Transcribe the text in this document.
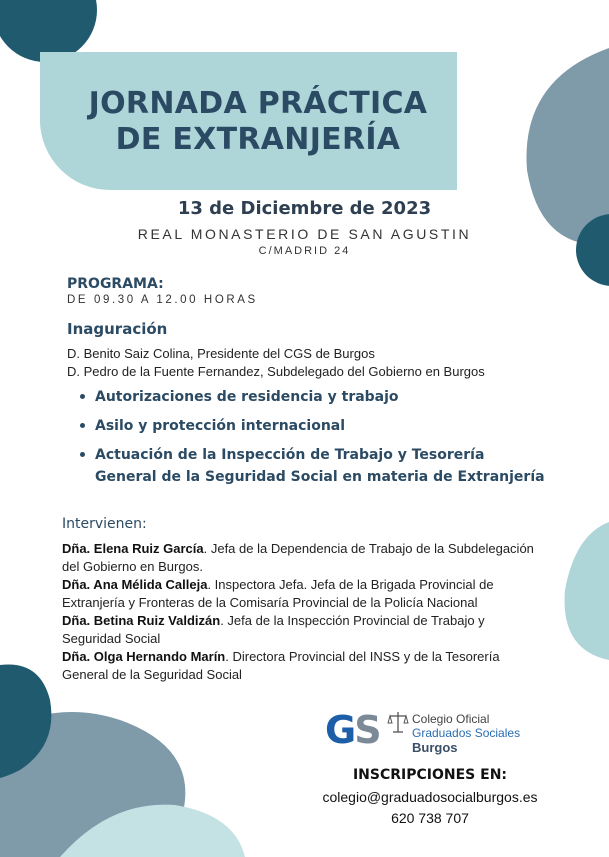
JORNADA PRÁCTICA
DE EXTRANJERÍA
13 de Diciembre de 2023
REAL MONASTERIO DE SAN AGUSTIN
C/MADRID 24
PROGRAMA:
DE 09.30 A 12.00 HORAS
Inaguración
D. Benito Saiz Colina, Presidente del CGS de Burgos
D. Pedro de la Fuente Fernandez, Subdelegado del Gobierno en Burgos
Autorizaciones de residencia y trabajo
Asilo y protección internacional
Actuación de la Inspección de Trabajo y Tesorería General de la Seguridad Social en materia de Extranjería
Intervienen:
Dña. Elena Ruiz García. Jefa de la Dependencia de Trabajo de la Subdelegación del Gobierno en Burgos.
Dña. Ana Mélida Calleja. Inspectora Jefa. Jefa de la Brigada Provincial de Extranjería y Fronteras de la Comisaría Provincial de la Policía Nacional
Dña. Betina Ruiz Valdizán. Jefa de la Inspección Provincial de Trabajo y Seguridad Social
Dña. Olga Hernando Marín. Directora Provincial del INSS y de la Tesorería General de la Seguridad Social
GS	Colegio Oficial
Graduados Sociales
Burgos
INSCRIPCIONES EN:
colegio@graduadosocialburgos.es
620 738 707
